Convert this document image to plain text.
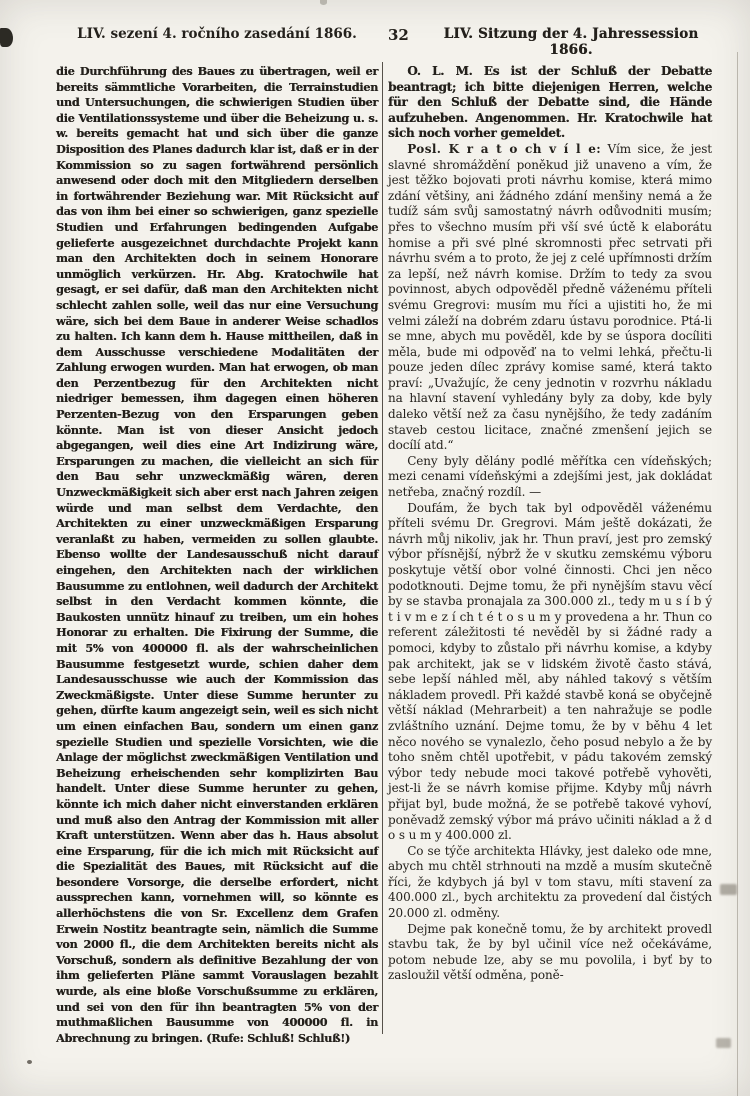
LIV. sezení 4. ročního zasedání 1866.	32	LIV. Sitzung der 4. Jahressession 1866.

die Durchführung des Baues zu übertragen, weil er bereits sämmtliche Vorarbeiten, die Terrainstudien und Untersuchungen, die schwierigen Studien über die Ventilationssysteme und über die Beheizung u. s. w. bereits gemacht hat und sich über die ganze Disposition des Planes dadurch klar ist, daß er in der Kommission so zu sagen fortwährend persönlich anwesend oder doch mit den Mitgliedern derselben in fortwährender Beziehung war. Mit Rücksicht auf das von ihm bei einer so schwierigen, ganz spezielle Studien und Erfahrungen bedingenden Aufgabe gelieferte ausgezeichnet durchdachte Projekt kann man den Architekten doch in seinem Honorare unmöglich verkürzen. Hr. Abg. Kratochwile hat gesagt, er sei dafür, daß man den Architekten nicht schlecht zahlen solle, weil das nur eine Versuchung wäre, sich bei dem Baue in anderer Weise schadlos zu halten. Ich kann dem h. Hause mittheilen, daß in dem Ausschusse verschiedene Modalitäten der Zahlung erwogen wurden. Man hat erwogen, ob man den Perzentbezug für den Architekten nicht niedriger bemessen, ihm dagegen einen höheren Perzenten-Bezug von den Ersparungen geben könnte. Man ist von dieser Ansicht jedoch abgegangen, weil dies eine Art Indizirung wäre, Ersparungen zu machen, die vielleicht an sich für den Bau sehr unzweckmäßig wären, deren Unzweckmäßigkeit sich aber erst nach Jahren zeigen würde und man selbst dem Verdachte, den Architekten zu einer unzweckmäßigen Ersparung veranlaßt zu haben, vermeiden zu sollen glaubte. Ebenso wollte der Landesausschuß nicht darauf eingehen, den Architekten nach der wirklichen Bausumme zu entlohnen, weil dadurch der Architekt selbst in den Verdacht kommen könnte, die Baukosten unnütz hinauf zu treiben, um ein hohes Honorar zu erhalten. Die Fixirung der Summe, die mit 5% von 400000 fl. als der wahrscheinlichen Bausumme festgesetzt wurde, schien daher dem Landesausschusse wie auch der Kommission das Zweckmäßigste. Unter diese Summe herunter zu gehen, dürfte kaum angezeigt sein, weil es sich nicht um einen einfachen Bau, sondern um einen ganz spezielle Studien und spezielle Vorsichten, wie die Anlage der möglichst zweckmäßigen Ventilation und Beheizung erheischenden sehr komplizirten Bau handelt. Unter diese Summe herunter zu gehen, könnte ich mich daher nicht einverstanden erklären und muß also den Antrag der Kommission mit aller Kraft unterstützen. Wenn aber das h. Haus absolut eine Ersparung, für die ich mich mit Rücksicht auf die Spezialität des Baues, mit Rücksicht auf die besondere Vorsorge, die derselbe erfordert, nicht aussprechen kann, vornehmen will, so könnte es allerhöchstens die von Sr. Excellenz dem Grafen Erwein Nostitz beantragte sein, nämlich die Summe von 2000 fl., die dem Architekten bereits nicht als Vorschuß, sondern als definitive Bezahlung der von ihm gelieferten Pläne sammt Vorauslagen bezahlt wurde, als eine bloße Vorschußsumme zu erklären, und sei von den für ihn beantragten 5% von der muthmaßlichen Bausumme von 400000 fl. in Abrechnung zu bringen. (Rufe: Schluß! Schluß!)

O. L. M. Es ist der Schluß der Debatte beantragt; ich bitte diejenigen Herren, welche für den Schluß der Debatte sind, die Hände aufzuheben. Angenommen. Hr. Kratochwile hat sich noch vorher gemeldet.

Posl. K r a t o ch v í l e: Vím sice, že jest slavné shromáždění poněkud již unaveno a vím, že jest těžko bojovati proti návrhu komise, která mimo zdání většiny, ani žádného zdání menšiny nemá a že tudíž sám svůj samostatný návrh odůvodniti musím; přes to všechno musím při vší své úctě k elaborátu homise a při své plné skromnosti přec setrvati při návrhu svém a to proto, že jej z celé upřímnosti držím za lepší, než návrh komise. Držím to tedy za svou povinnost, abych odpověděl předně váženému příteli svému Gregrovi: musím mu říci a ujistiti ho, že mi velmi záleží na dobrém zdaru ústavu porodnice. Ptá-li se mne, abych mu pověděl, kde by se úspora docíliti měla, bude mi odpověď na to velmi lehká, přečtu-li pouze jeden dílec zprávy komise samé, která takto praví: „Uvažujíc, že ceny jednotin v rozvrhu nákladu na hlavní stavení vyhledány byly za doby, kde byly daleko větší než za času nynějšího, že tedy zadáním staveb cestou licitace, značné zmenšení jejich se docílí atd.“

Ceny byly dělány podlé měřítka cen vídeňských; mezi cenami vídeňskými a zdejšími jest, jak dokládat netřeba, značný rozdíl. —

Doufám, že bych tak byl odpověděl váženému příteli svému Dr. Gregrovi. Mám ještě dokázati, že návrh můj nikoliv, jak hr. Thun praví, jest pro zemský výbor přísnější, nýbrž že v skutku zemskému výboru poskytuje větší obor volné činnosti. Chci jen něco podotknouti. Dejme tomu, že při nynějším stavu věcí by se stavba pronajala za 300.000 zl., tedy m u s í b ý t i v m e z í ch t é t o s u m y provedena a hr. Thun co referent záležitosti té nevěděl by si žádné rady a pomoci, kdyby to zůstalo při návrhu komise, a kdyby pak architekt, jak se v lidském životě často stává, sebe lepší náhled měl, aby náhled takový s větším nákladem provedl. Při každé stavbě koná se obyčejně větší náklad (Mehrarbeit) a ten nahražuje se podle zvláštního uznání. Dejme tomu, že by v běhu 4 let něco nového se vynalezlo, čeho posud nebylo a že by toho sněm chtěl upotřebit, v pádu takovém zemský výbor tedy nebude moci takové potřebě vyhověti, jest-li že se návrh komise přijme. Kdyby můj návrh přijat byl, bude možná, že se potřebě takové vyhoví, poněvadž zemský výbor má právo učiniti náklad a ž d o s u m y 400.000 zl.

Co se týče architekta Hlávky, jest daleko ode mne, abych mu chtěl strhnouti na mzdě a musím skutečně říci, že kdybych já byl v tom stavu, míti stavení za 400.000 zl., bych architektu za provedení dal čistých 20.000 zl. odměny.

Dejme pak konečně tomu, že by architekt provedl stavbu tak, že by byl učinil více než očekáváme, potom nebude lze, aby se mu povolila, i byť by to zasloužil větší odměna, poně-
